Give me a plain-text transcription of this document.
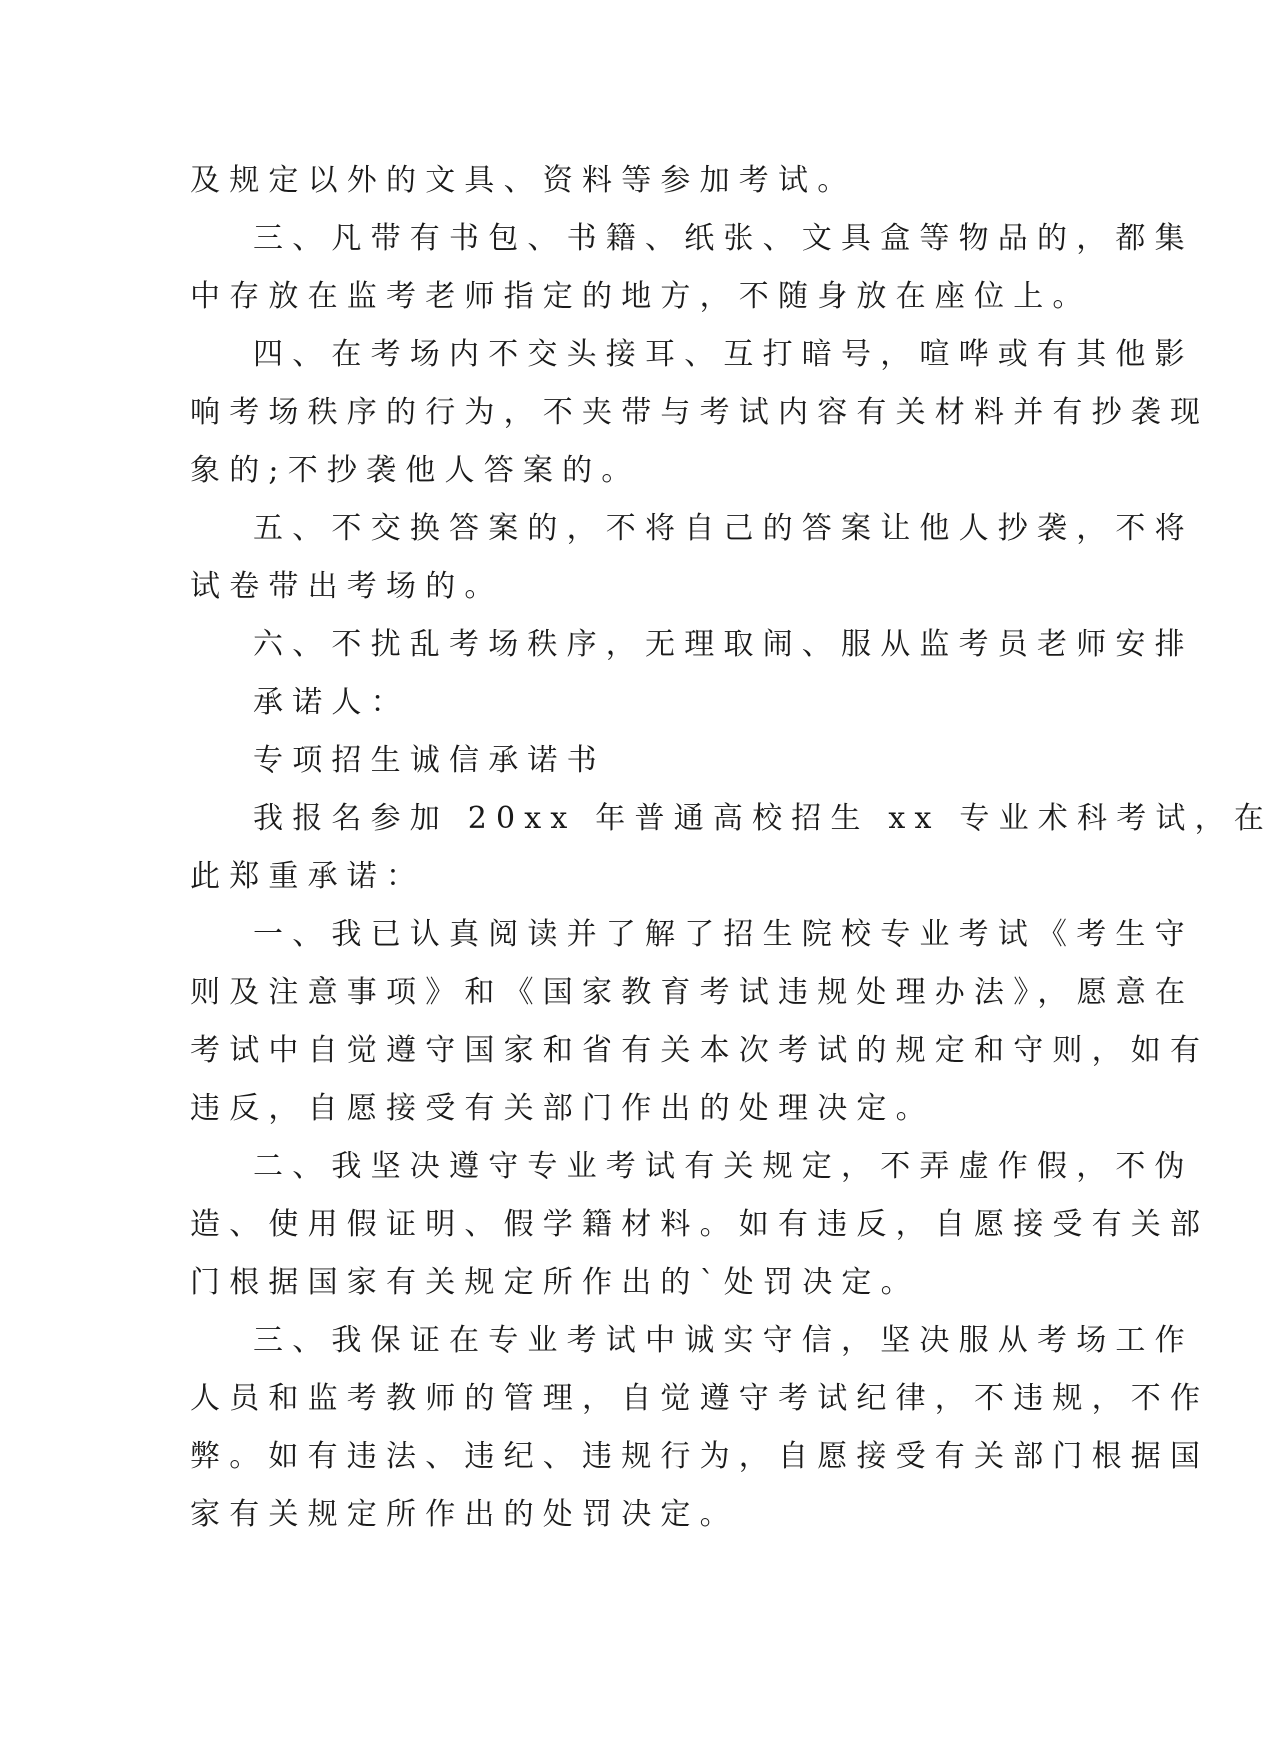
及规定以外的文具、资料等参加考试。
三、凡带有书包、书籍、纸张、文具盒等物品的，都集
中存放在监考老师指定的地方，不随身放在座位上。
四、在考场内不交头接耳、互打暗号，喧哗或有其他影
响考场秩序的行为，不夹带与考试内容有关材料并有抄袭现
象的;不抄袭他人答案的。
五、不交换答案的，不将自己的答案让他人抄袭，不将
试卷带出考场的。
六、不扰乱考场秩序，无理取闹、服从监考员老师安排
承诺人：
专项招生诚信承诺书
我报名参加 20xx 年普通高校招生 xx 专业术科考试，在
此郑重承诺：
一、我已认真阅读并了解了招生院校专业考试《考生守
则及注意事项》和《国家教育考试违规处理办法》，愿意在
考试中自觉遵守国家和省有关本次考试的规定和守则，如有
违反，自愿接受有关部门作出的处理决定。
二、我坚决遵守专业考试有关规定，不弄虚作假，不伪
造、使用假证明、假学籍材料。如有违反，自愿接受有关部
门根据国家有关规定所作出的`处罚决定。
三、我保证在专业考试中诚实守信，坚决服从考场工作
人员和监考教师的管理，自觉遵守考试纪律，不违规，不作
弊。如有违法、违纪、违规行为，自愿接受有关部门根据国
家有关规定所作出的处罚决定。
